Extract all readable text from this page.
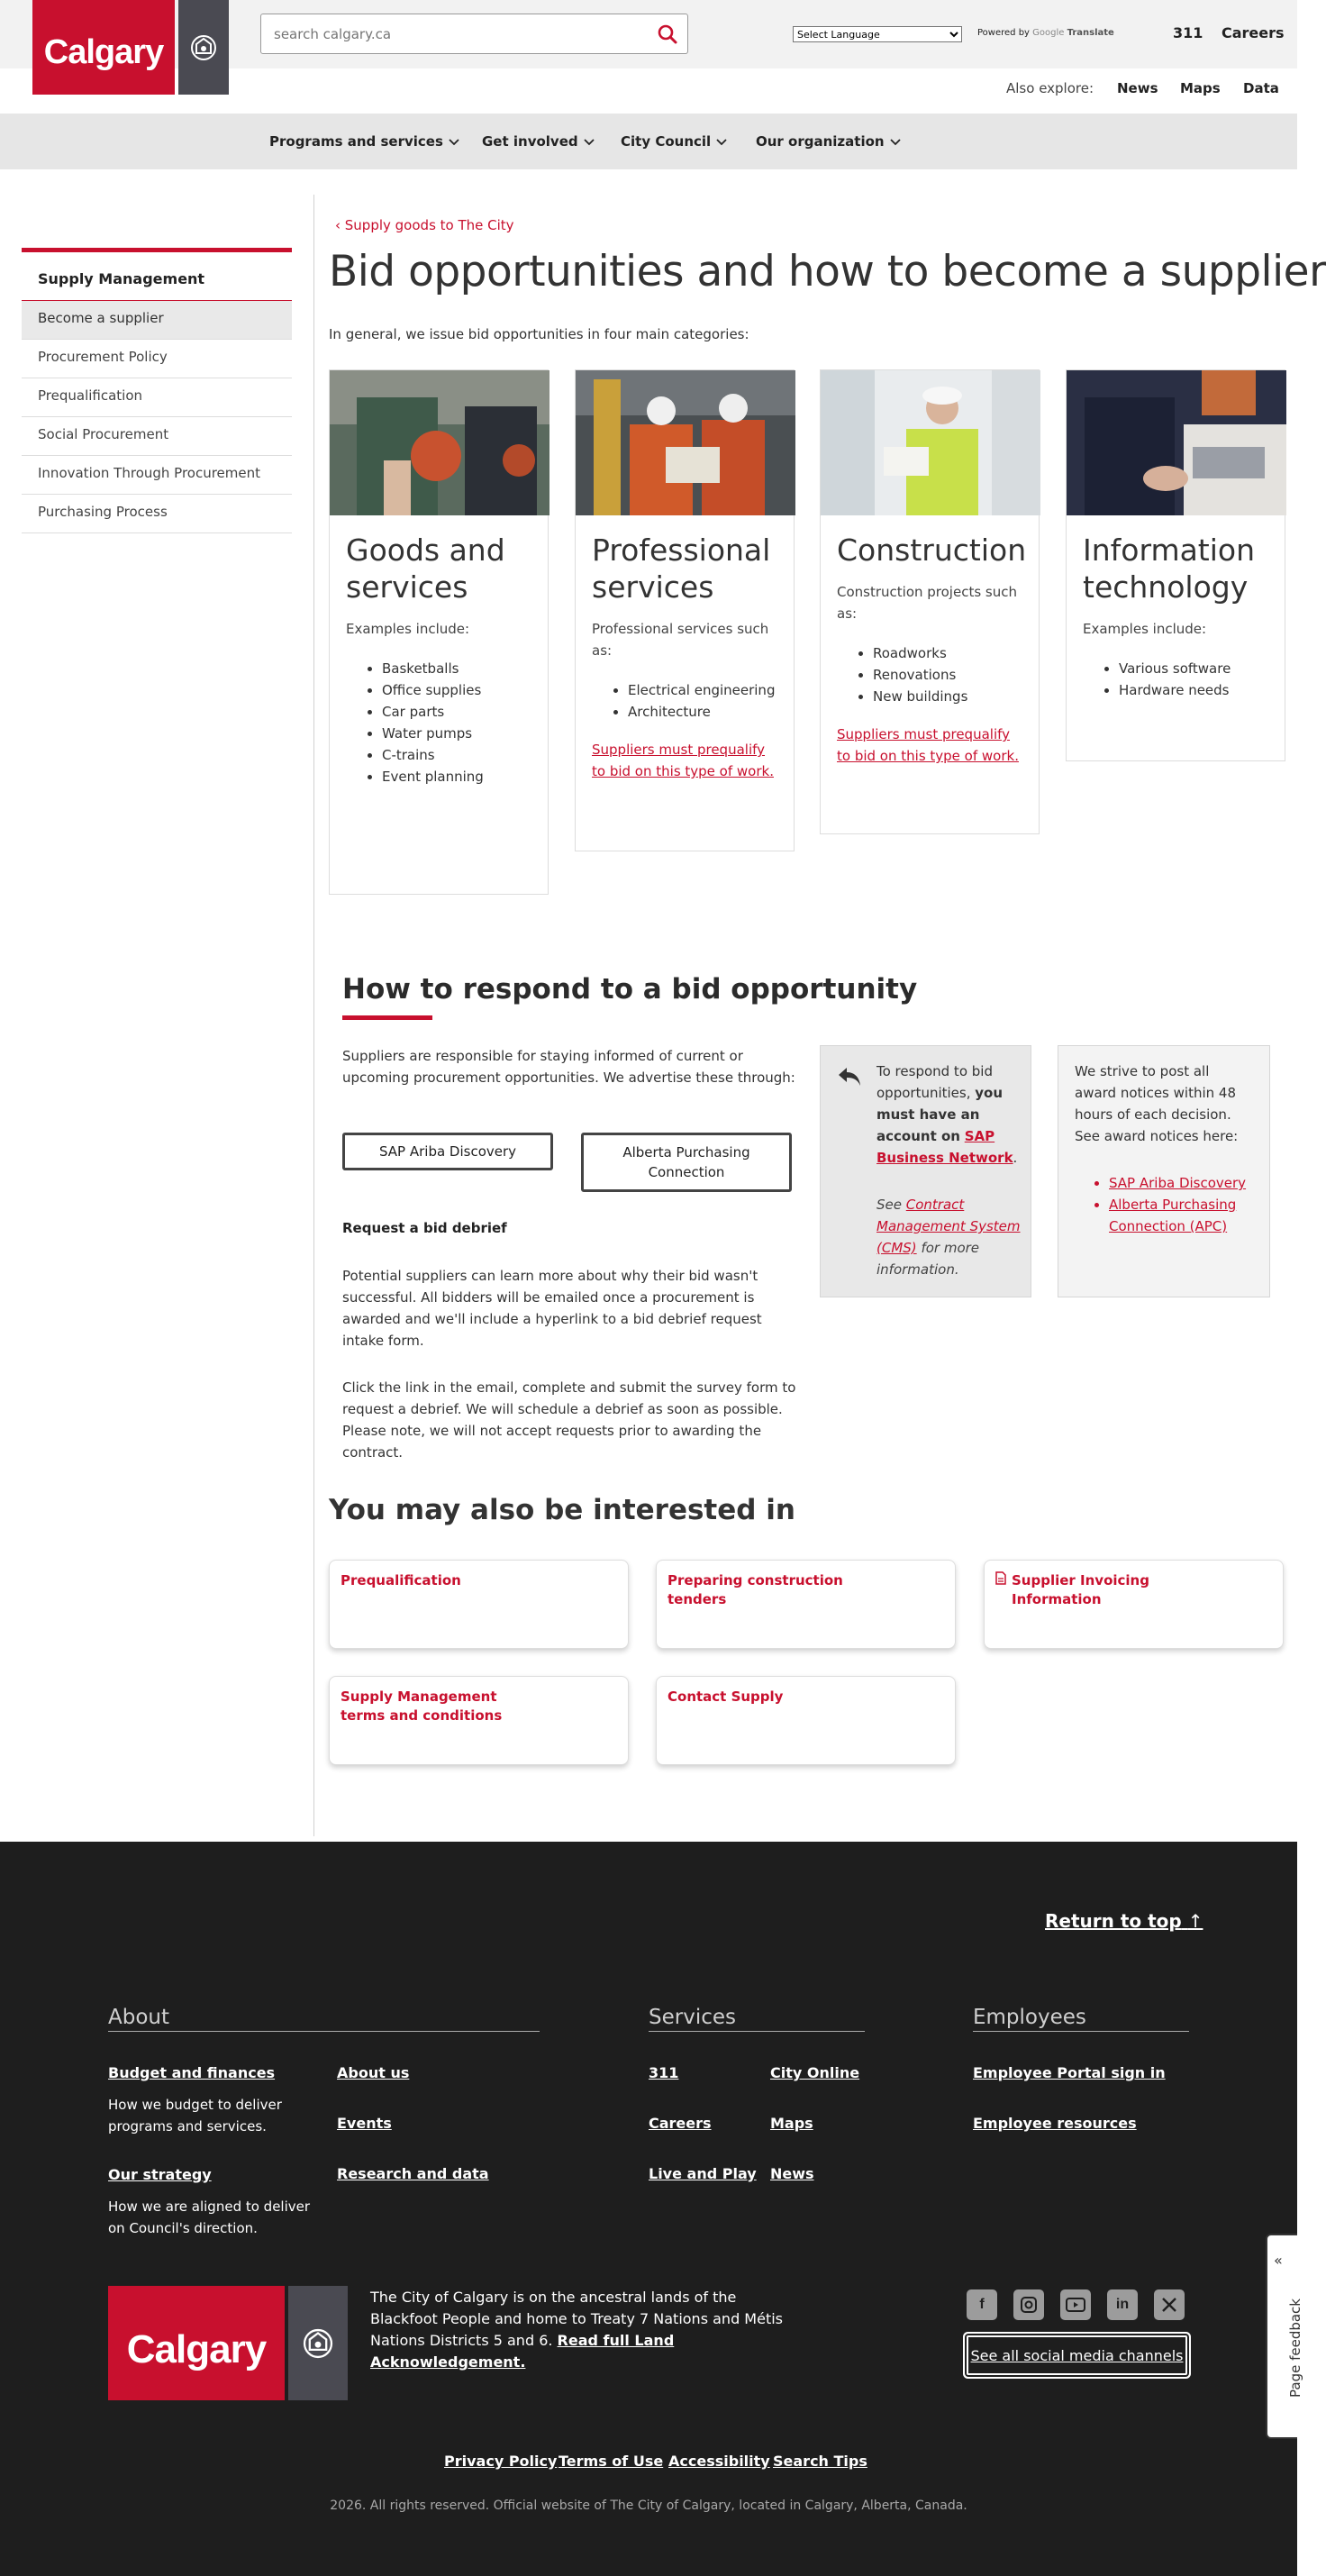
Calgary
search calgary.ca
Select Language
Powered by Google Translate	311 Careers
Also explore: News Maps Data
Programs and services	Get involved	City Council	Our organization
Supply Management
Become a supplier
Procurement Policy
Prequalification
Social Procurement
Innovation Through Procurement
Purchasing Process
‹ Supply goods to The City
Bid opportunities and how to become a supplier

In general, we issue bid opportunities in four main categories:

Goods and services

Examples include:

• Basketballs
• Office supplies
• Car parts
• Water pumps
• C-trains
• Event planning
Professional services

Professional services such as:

• Electrical engineering
• Architecture
Suppliers must prequalify to bid on this type of work.
Construction

Construction projects such as:

• Roadworks
• Renovations
• New buildings
Suppliers must prequalify to bid on this type of work.
Information technology

Examples include:

• Various software
• Hardware needs
How to respond to a bid opportunity

Suppliers are responsible for staying informed of current or upcoming procurement opportunities. We advertise these through:

SAP Ariba Discovery	Alberta Purchasing Connection

Request a bid debrief

Potential suppliers can learn more about why their bid wasn't successful. All bidders will be emailed once a procurement is awarded and we'll include a hyperlink to a bid debrief request intake form.

Click the link in the email, complete and submit the survey form to request a debrief. We will schedule a debrief as soon as possible. Please note, we will not accept requests prior to awarding the contract.

To respond to bid opportunities, you must have an account on SAP Business Network.

See Contract Management System (CMS) for more information.

We strive to post all award notices within 48 hours of each decision. See award notices here:

• SAP Ariba Discovery
• Alberta Purchasing Connection (APC)
You may also be interested in
Prequalification	Preparing construction tenders
Supplier Invoicing Information
Supply Management terms and conditions
Contact Supply
Return to top ↑
About	Services	Employees
Budget and finances

How we budget to deliver programs and services.

Our strategy

How we are aligned to deliver on Council's direction.

About us
Events
Research and data
311
Careers
Live and Play
City Online
Maps
News
Employee Portal sign in
Employee resources
Calgary

The City of Calgary is on the ancestral lands of the Blackfoot People and home to Treaty 7 Nations and Métis Nations Districts 5 and 6. Read full Land Acknowledgement.

f	in
See all social media channels
Privacy Policy Terms of Use Accessibility Search Tips

2026. All rights reserved. Official website of The City of Calgary, located in Calgary, Alberta, Canada.

«
Page feedback
